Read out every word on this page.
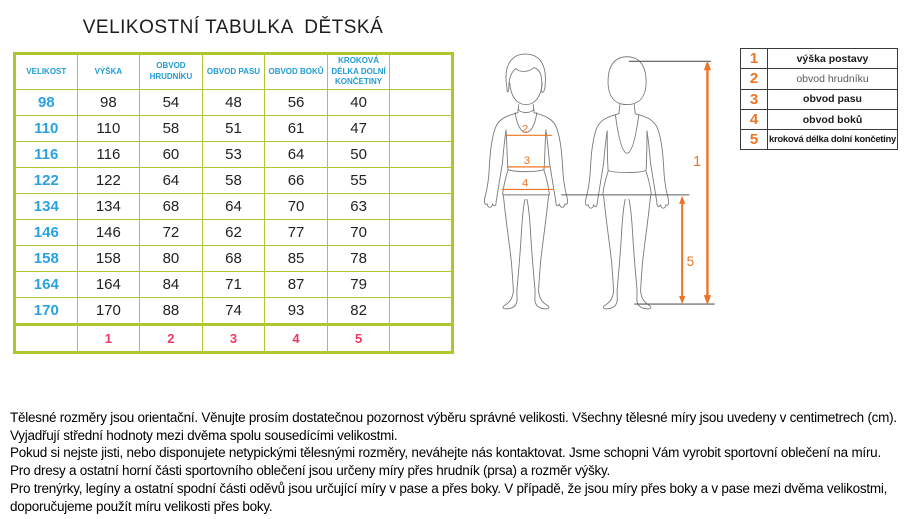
VELIKOSTNÍ TABULKA  DĚTSKÁ
VELIKOST	VÝŠKA	OBVOD HRUDNÍKU	OBVOD PASU	OBVOD BOKŮ	KROKOVÁ DÉLKA DOLNÍ KONČETINY	
98	98	54	48	56	40	
110	110	58	51	61	47	
116	116	60	53	64	50	
122	122	64	58	66	55	
134	134	68	64	70	63	
146	146	72	62	77	70	
158	158	80	68	85	78	
164	164	84	71	87	79	
170	170	88	74	93	82	
	1	2	3	4	5	
2
3
4
1
5
1	výška postavy
2	obvod hrudníku
3	obvod pasu
4	obvod boků
5	kroková délka dolní končetiny
Tělesné rozměry jsou orientační. Věnujte prosím dostatečnou pozornost výběru správné velikosti. Všechny tělesné míry jsou uvedeny v centimetrech (cm).
Vyjadřují střední hodnoty mezi dvěma spolu sousedícími velikostmi.
Pokud si nejste jisti, nebo disponujete netypickými tělesnými rozměry, neváhejte nás kontaktovat. Jsme schopni Vám vyrobit sportovní oblečení na míru.
Pro dresy a ostatní horní části sportovního oblečení jsou určeny míry přes hrudník (prsa) a rozměr výšky.
Pro trenýrky, legíny a ostatní spodní části oděvů jsou určující míry v pase a přes boky. V případě, že jsou míry přes boky a v pase mezi dvěma velikostmi,
doporučujeme použít míru velikosti přes boky.
